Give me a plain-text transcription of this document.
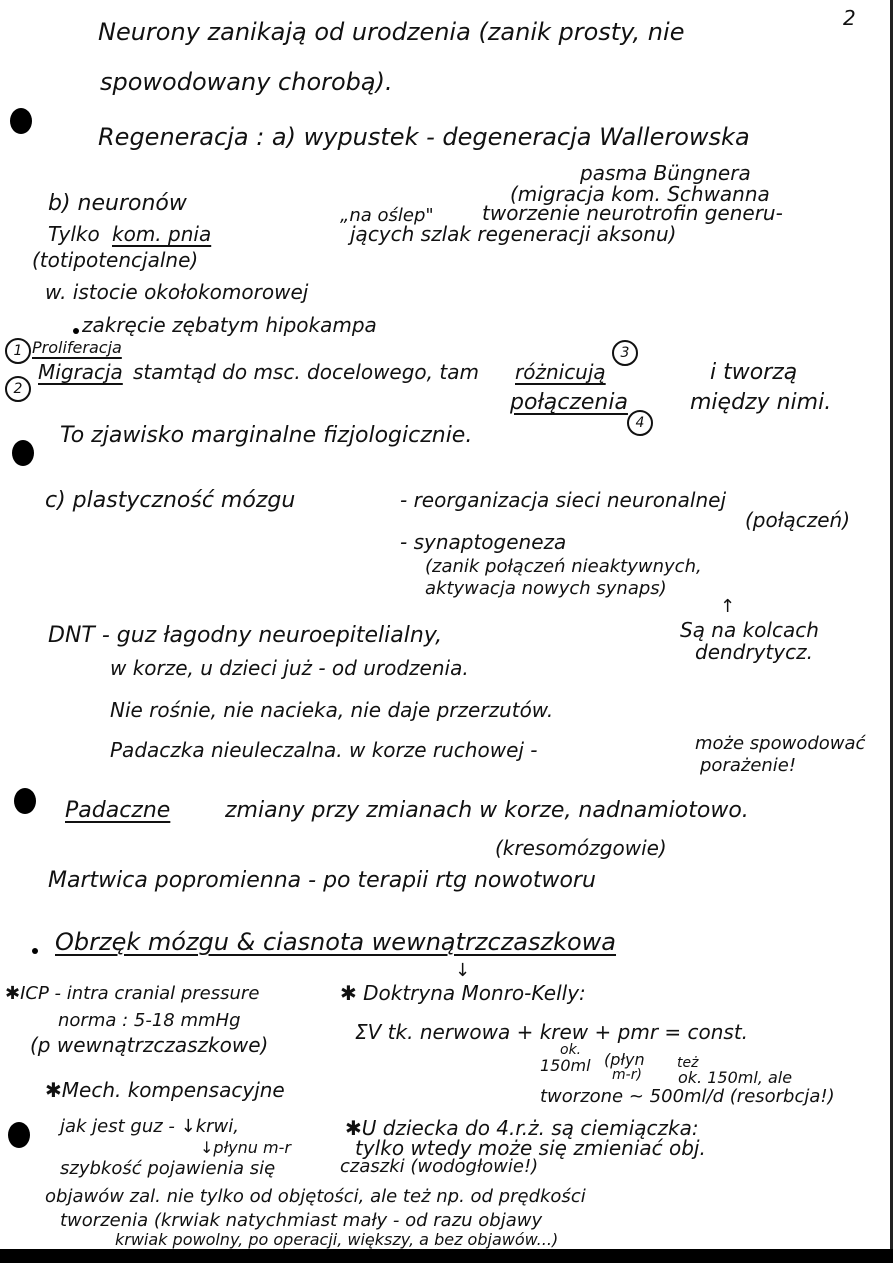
2
Neurony zanikają od urodzenia (zanik prosty, nie
spowodowany chorobą).
Regeneracja : a) wypustek - degeneracja Wallerowska
pasma Büngnera
(migracja kom. Schwanna
b) neuronów	„na oślep" tworzenie neurotrofin generu-
Tylko kom. pnia	jących szlak regeneracji aksonu)
(totipotencjalne)
w. istocie okołokomorowej
zakręcie zębatym hipokampa
1 Proliferacja	3
2
Migracja stamtąd do msc. docelowego, tam różnicują	i tworzą
połączenia	między nimi.
4
To zjawisko marginalne fizjologicznie.
c) plastyczność mózgu	- reorganizacja sieci neuronalnej
(połączeń)
- synaptogeneza
(zanik połączeń nieaktywnych,
aktywacja nowych synaps)
↑
Są na kolcach
dendrytycz.
DNT - guz łagodny neuroepitelialny,
w korze, u dzieci już - od urodzenia.
Nie rośnie, nie nacieka, nie daje przerzutów.
Padaczka nieuleczalna. w korze ruchowej -	może spowodować
porażenie!
Padaczne zmiany przy zmianach w korze, nadnamiotowo.
(kresomózgowie)
Martwica popromienna - po terapii rtg nowotworu
Obrzęk mózgu & ciasnota wewnątrzczaszkowa
↓
✱ICP - intra cranial pressure	✱ Doktryna Monro-Kelly:
norma : 5-18 mmHg	ΣV tk. nerwowa + krew + pmr = const.
(p wewnątrzczaszkowe)	ok.
150ml (płyn
m-r)
też
ok. 150ml, ale
tworzone ~ 500ml/d (resorbcja!)
✱Mech. kompensacyjne
jak jest guz - ↓krwi,	✱U dziecka do 4.r.ż. są ciemiączka:
↓płynu m-r	tylko wtedy może się zmieniać obj.
szybkość pojawienia się	czaszki (wodogłowie!)
objawów zal. nie tylko od objętości, ale też np. od prędkości
tworzenia (krwiak natychmiast mały - od razu objawy
krwiak powolny, po operacji, większy, a bez objawów...)
